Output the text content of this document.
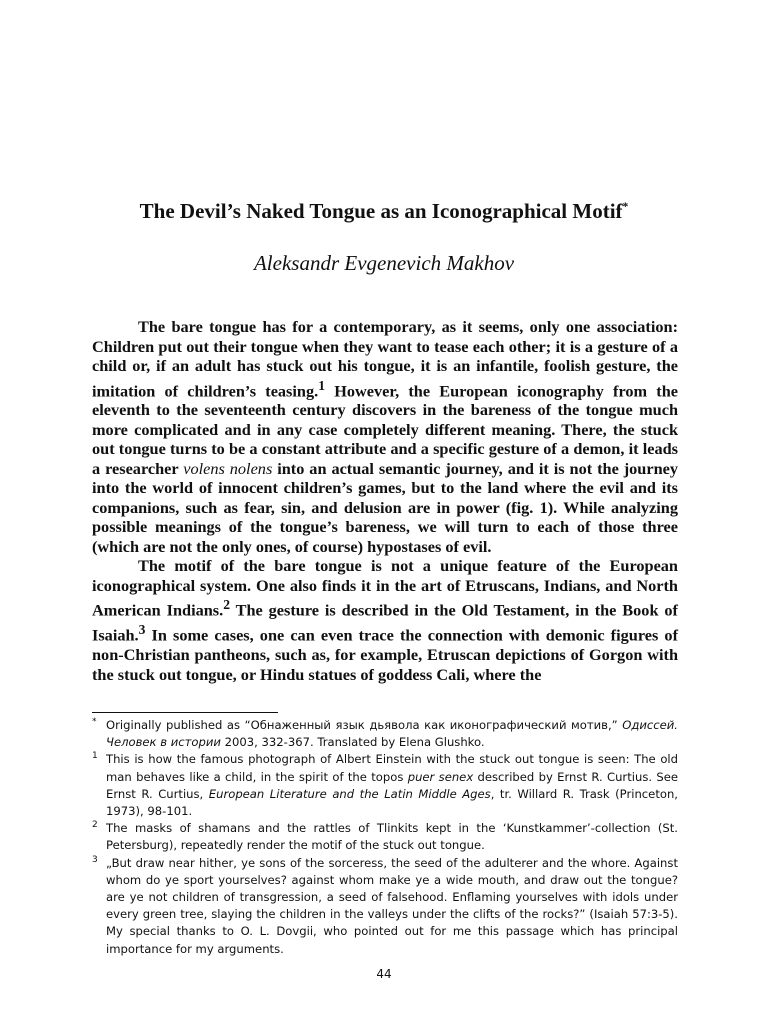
The Devil’s Naked Tongue as an Iconographical Motif*
Aleksandr Evgenevich Makhov

The bare tongue has for a contemporary, as it seems, only one association: Children put out their tongue when they want to tease each other; it is a gesture of a child or, if an adult has stuck out his tongue, it is an infantile, foolish gesture, the imitation of children’s teasing.$^1$ However, the European iconography from the eleventh to the seventeenth century discovers in the bareness of the tongue much more complicated and in any case completely different meaning. There, the stuck out tongue turns to be a constant attribute and a specific gesture of a demon, it leads a researcher volens nolens into an actual semantic journey, and it is not the journey into the world of innocent children’s games, but to the land where the evil and its companions, such as fear, sin, and delusion are in power (fig. 1). While analyzing possible meanings of the tongue’s bareness, we will turn to each of those three (which are not the only ones, of course) hypostases of evil.

The motif of the bare tongue is not a unique feature of the European iconographical system. One also finds it in the art of Etruscans, Indians, and North American Indians.$^2$ The gesture is described in the Old Testament, in the Book of Isaiah.$^3$ In some cases, one can even trace the connection with demonic figures of non-Christian pantheons, such as, for example, Etruscan depictions of Gorgon with the stuck out tongue, or Hindu statues of goddess Cali, where the

* Originally published as “Обнаженный язык дьявола как иконографический мотив,” Одиссей. Человек в истории 2003, 332-367. Translated by Elena Glushko.
1 This is how the famous photograph of Albert Einstein with the stuck out tongue is seen: The old man behaves like a child, in the spirit of the topos puer senex described by Ernst R. Curtius. See Ernst R. Curtius, European Literature and the Latin Middle Ages, tr. Willard R. Trask (Princeton, 1973), 98-101.
2 The masks of shamans and the rattles of Tlinkits kept in the ‘Kunstkammer’-collection (St. Petersburg), repeatedly render the motif of the stuck out tongue.
3 „But draw near hither, ye sons of the sorceress, the seed of the adulterer and the whore. Against whom do ye sport yourselves? against whom make ye a wide mouth, and draw out the tongue? are ye not children of transgression, a seed of falsehood. Enflaming yourselves with idols under every green tree, slaying the children in the valleys under the clifts of the rocks?” (Isaiah 57:3-5). My special thanks to O. L. Dovgii, who pointed out for me this passage which has principal importance for my arguments.
44
